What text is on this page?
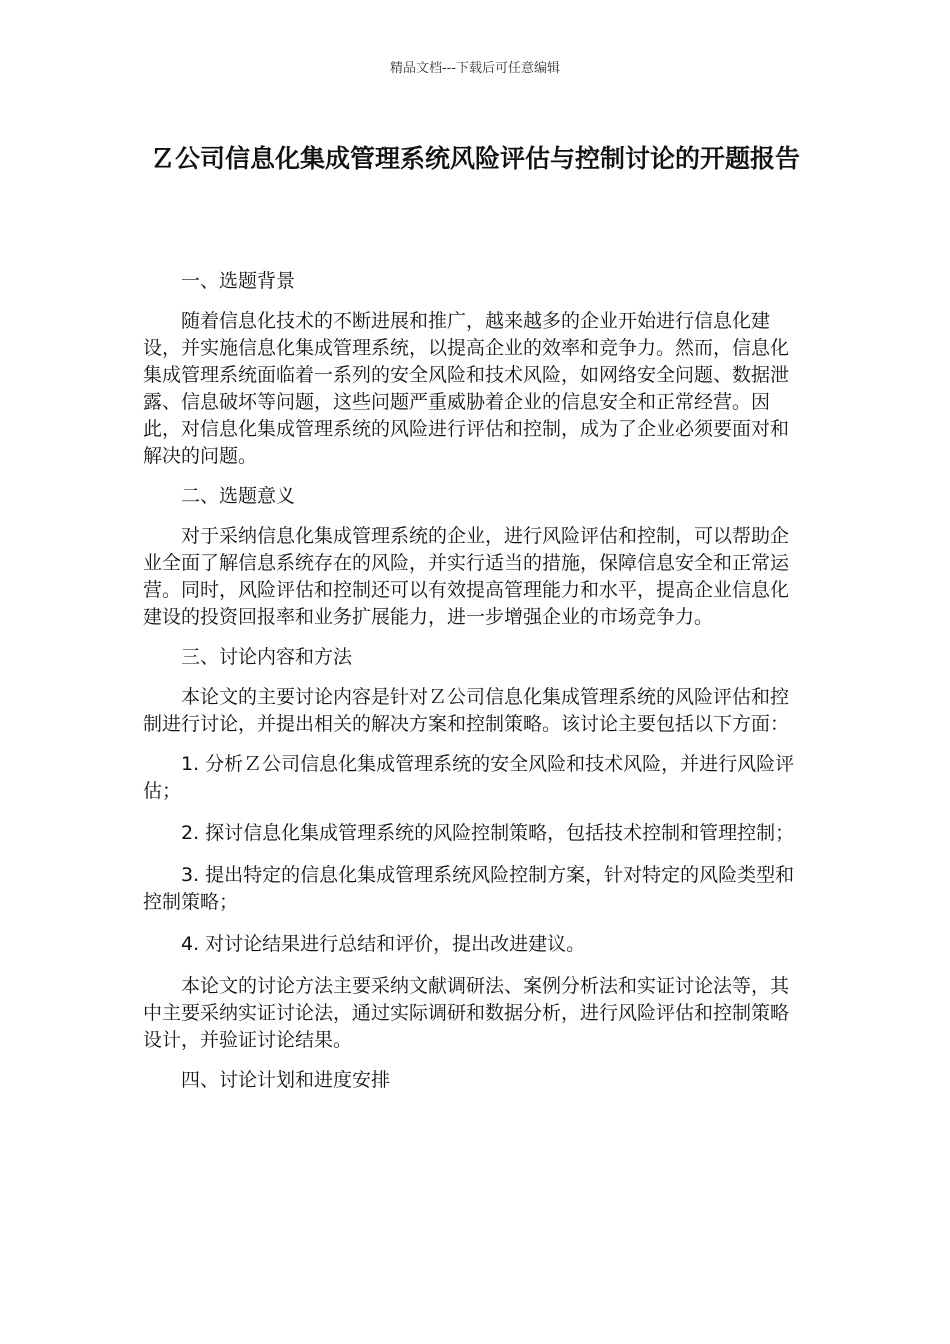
精品文档---下载后可任意编辑
Ｚ公司信息化集成管理系统风险评估与控制讨论的开题报告

一、选题背景

随着信息化技术的不断进展和推广，越来越多的企业开始进行信息化建设，并实施信息化集成管理系统，以提高企业的效率和竞争力。然而，信息化集成管理系统面临着一系列的安全风险和技术风险，如网络安全问题、数据泄露、信息破坏等问题，这些问题严重威胁着企业的信息安全和正常经营。因此，对信息化集成管理系统的风险进行评估和控制，成为了企业必须要面对和解决的问题。

二、选题意义

对于采纳信息化集成管理系统的企业，进行风险评估和控制，可以帮助企业全面了解信息系统存在的风险，并实行适当的措施，保障信息安全和正常运营。同时，风险评估和控制还可以有效提高管理能力和水平，提高企业信息化建设的投资回报率和业务扩展能力，进一步增强企业的市场竞争力。

三、讨论内容和方法

本论文的主要讨论内容是针对Ｚ公司信息化集成管理系统的风险评估和控制进行讨论，并提出相关的解决方案和控制策略。该讨论主要包括以下方面：

1. 分析Ｚ公司信息化集成管理系统的安全风险和技术风险，并进行风险评估；

2. 探讨信息化集成管理系统的风险控制策略，包括技术控制和管理控制；

3. 提出特定的信息化集成管理系统风险控制方案，针对特定的风险类型和控制策略；

4. 对讨论结果进行总结和评价，提出改进建议。

本论文的讨论方法主要采纳文献调研法、案例分析法和实证讨论法等，其中主要采纳实证讨论法，通过实际调研和数据分析，进行风险评估和控制策略设计，并验证讨论结果。

四、讨论计划和进度安排
